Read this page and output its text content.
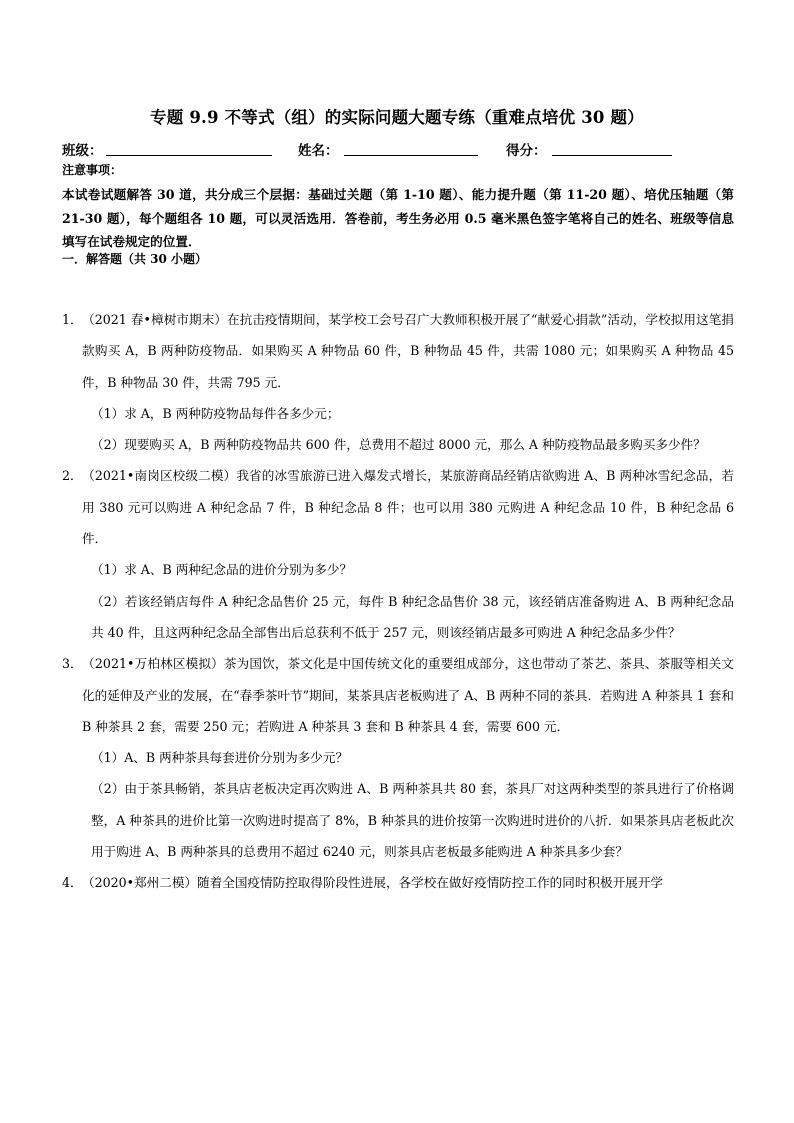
专题 9.9 不等式（组）的实际问题大题专练（重难点培优 30 题）
班级：	姓名：	得分：
注意事项：
本试卷试题解答 30 道，共分成三个层据：基础过关题（第 1-10 题）、能力提升题（第 11-20 题）、培优压轴题（第 21-30 题），每个题组各 10 题，可以灵活选用．答卷前，考生务必用 0.5 毫米黑色签字笔将自己的姓名、班级等信息填写在试卷规定的位置．
一．解答题（共 30 小题）
1．（2021 春•樟树市期末）在抗击疫情期间，某学校工会号召广大教师积极开展了“献爱心捐款”活动，学校拟用这笔捐款购买 A，B 两种防疫物品．如果购买 A 种物品 60 件，B 种物品 45 件，共需 1080 元；如果购买 A 种物品 45 件，B 种物品 30 件，共需 795 元．
（1）求 A，B 两种防疫物品每件各多少元；
（2）现要购买 A，B 两种防疫物品共 600 件，总费用不超过 8000 元，那么 A 种防疫物品最多购买多少件？
2．（2021•南岗区校级二模）我省的冰雪旅游已进入爆发式增长，某旅游商品经销店欲购进 A、B 两种冰雪纪念品，若用 380 元可以购进 A 种纪念品 7 件，B 种纪念品 8 件；也可以用 380 元购进 A 种纪念品 10 件，B 种纪念品 6 件．
（1）求 A、B 两种纪念品的进价分别为多少？
（2）若该经销店每件 A 种纪念品售价 25 元，每件 B 种纪念品售价 38 元，该经销店准备购进 A、B 两种纪念品共 40 件，且这两种纪念品全部售出后总获利不低于 257 元，则该经销店最多可购进 A 种纪念品多少件？
3．（2021•万柏林区模拟）茶为国饮，茶文化是中国传统文化的重要组成部分，这也带动了茶艺、茶具、茶服等相关文化的延伸及产业的发展，在“春季茶叶节”期间，某茶具店老板购进了 A、B 两种不同的茶具．若购进 A 种茶具 1 套和 B 种茶具 2 套，需要 250 元；若购进 A 种茶具 3 套和 B 种茶具 4 套，需要 600 元．
（1）A、B 两种茶具每套进价分别为多少元？
（2）由于茶具畅销，茶具店老板决定再次购进 A、B 两种茶具共 80 套，茶具厂对这两种类型的茶具进行了价格调整，A 种茶具的进价比第一次购进时提高了 8%，B 种茶具的进价按第一次购进时进价的八折．如果茶具店老板此次用于购进 A、B 两种茶具的总费用不超过 6240 元，则茶具店老板最多能购进 A 种茶具多少套？
4．（2020•郑州二模）随着全国疫情防控取得阶段性进展，各学校在做好疫情防控工作的同时积极开展开学
